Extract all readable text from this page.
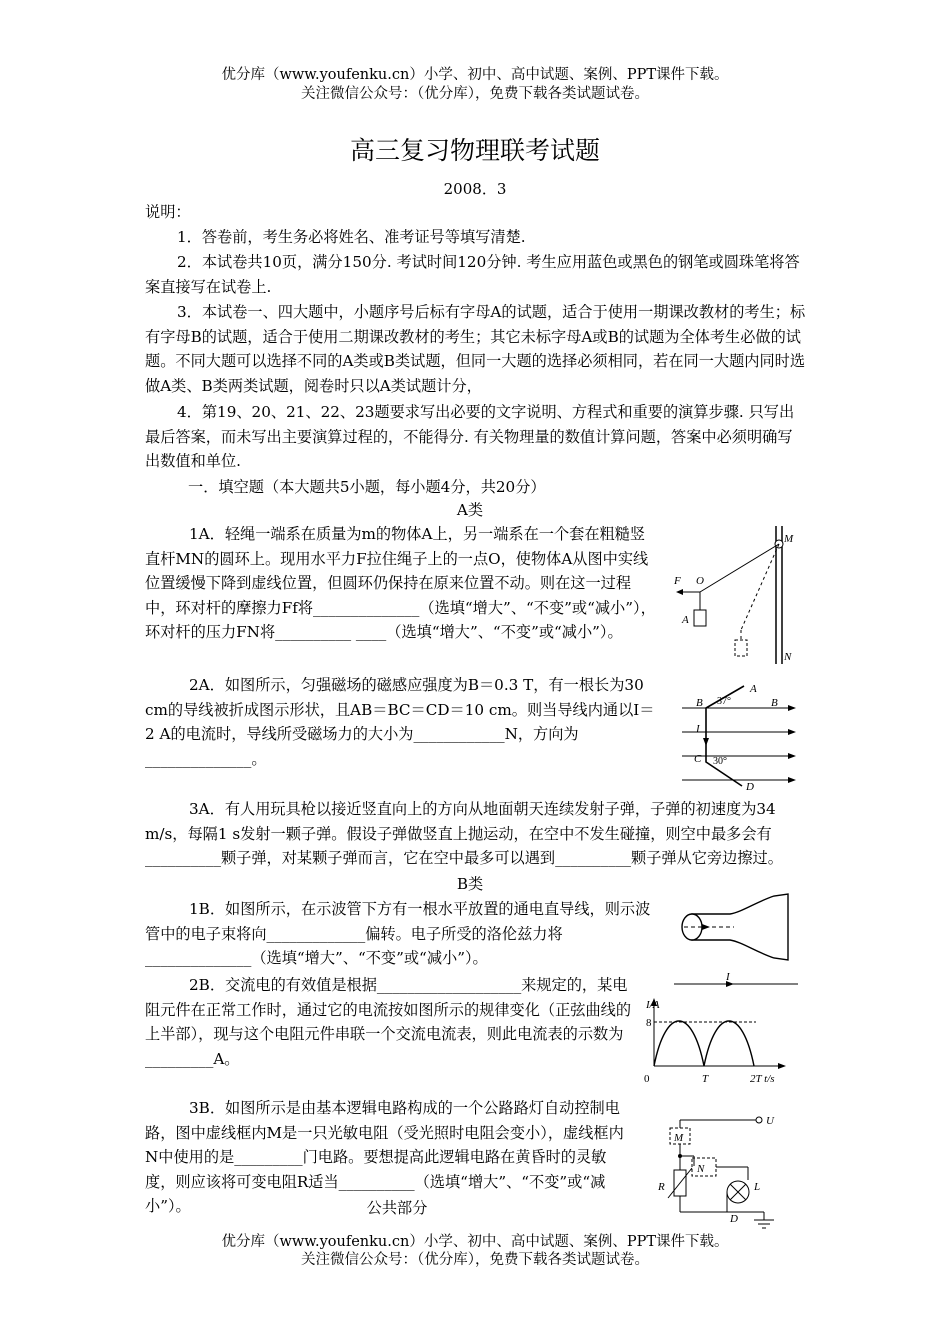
优分库（www.youfenku.cn）小学、初中、高中试题、案例、PPT课件下载。
关注微信公众号：（优分库），免费下载各类试题试卷。
高三复习物理联考试题
2008．3
说明：
1．答卷前，考生务必将姓名、准考证号等填写清楚.
2．本试卷共10页，满分150分. 考试时间120分钟. 考生应用蓝色或黑色的钢笔或圆珠笔将答案直接写在试卷上.
3．本试卷一、四大题中，小题序号后标有字母A的试题，适合于使用一期课改教材的考生；标有字母B的试题，适合于使用二期课改教材的考生；其它未标字母A或B的试题为全体考生必做的试题。不同大题可以选择不同的A类或B类试题，但同一大题的选择必须相同，若在同一大题内同时选做A类、B类两类试题，阅卷时只以A类试题计分，
4．第19、20、21、22、23题要求写出必要的文字说明、方程式和重要的演算步骤. 只写出最后答案，而未写出主要演算过程的，不能得分. 有关物理量的数值计算问题，答案中必须明确写出数值和单位.
一．填空题（本大题共5小题，每小题4分，共20分）
A类
1A．轻绳一端系在质量为m的物体A上，另一端系在一个套在粗糙竖直杆MN的圆环上。现用水平力F拉住绳子上的一点O，使物体A从图中实线位置缓慢下降到虚线位置，但圆环仍保持在原来位置不动。则在这一过程中，环对杆的摩擦力Ff将______________（选填“增大”、“不变”或“减小”），环对杆的压力FN将__________ ____（选填“增大”、“不变”或“减小”）。
M
N
F O
A
2A．如图所示，匀强磁场的磁感应强度为B＝0.3 T，有一根长为30 cm的导线被折成图示形状，且AB＝BC＝CD＝10 cm。则当导线内通以I＝2 A的电流时，导线所受磁场力的大小为____________N，方向为______________。
A
B 37°	B
I
C 30°
D
3A．有人用玩具枪以接近竖直向上的方向从地面朝天连续发射子弹，子弹的初速度为34 m/s，每隔1 s发射一颗子弹。假设子弹做竖直上抛运动，在空中不发生碰撞，则空中最多会有__________颗子弹，对某颗子弹而言，它在空中最多可以遇到__________颗子弹从它旁边擦过。
B类
1B．如图所示，在示波管下方有一根水平放置的通电直导线，则示波管中的电子束将向_____________偏转。电子所受的洛伦兹力将______________（选填“增大”、“不变”或“减小”）。
I
2B．交流电的有效值是根据___________________来规定的，某电阻元件在正常工作时，通过它的电流按如图所示的规律变化（正弦曲线的上半部），现与这个电阻元件串联一个交流电流表，则此电流表的示数为_________A。
I/A
8
0	T	2T t/s
3B．如图所示是由基本逻辑电路构成的一个公路路灯自动控制电路，图中虚线框内M是一只光敏电阻（受光照时电阻会变小），虚线框内N中使用的是_________门电路。要想提高此逻辑电路在黄昏时的灵敏度，则应该将可变电阻R适当__________（选填“增大”、“不变”或“减小”）。
U
M
N
L
R
D
公共部分
优分库（www.youfenku.cn）小学、初中、高中试题、案例、PPT课件下载。
关注微信公众号：（优分库），免费下载各类试题试卷。
